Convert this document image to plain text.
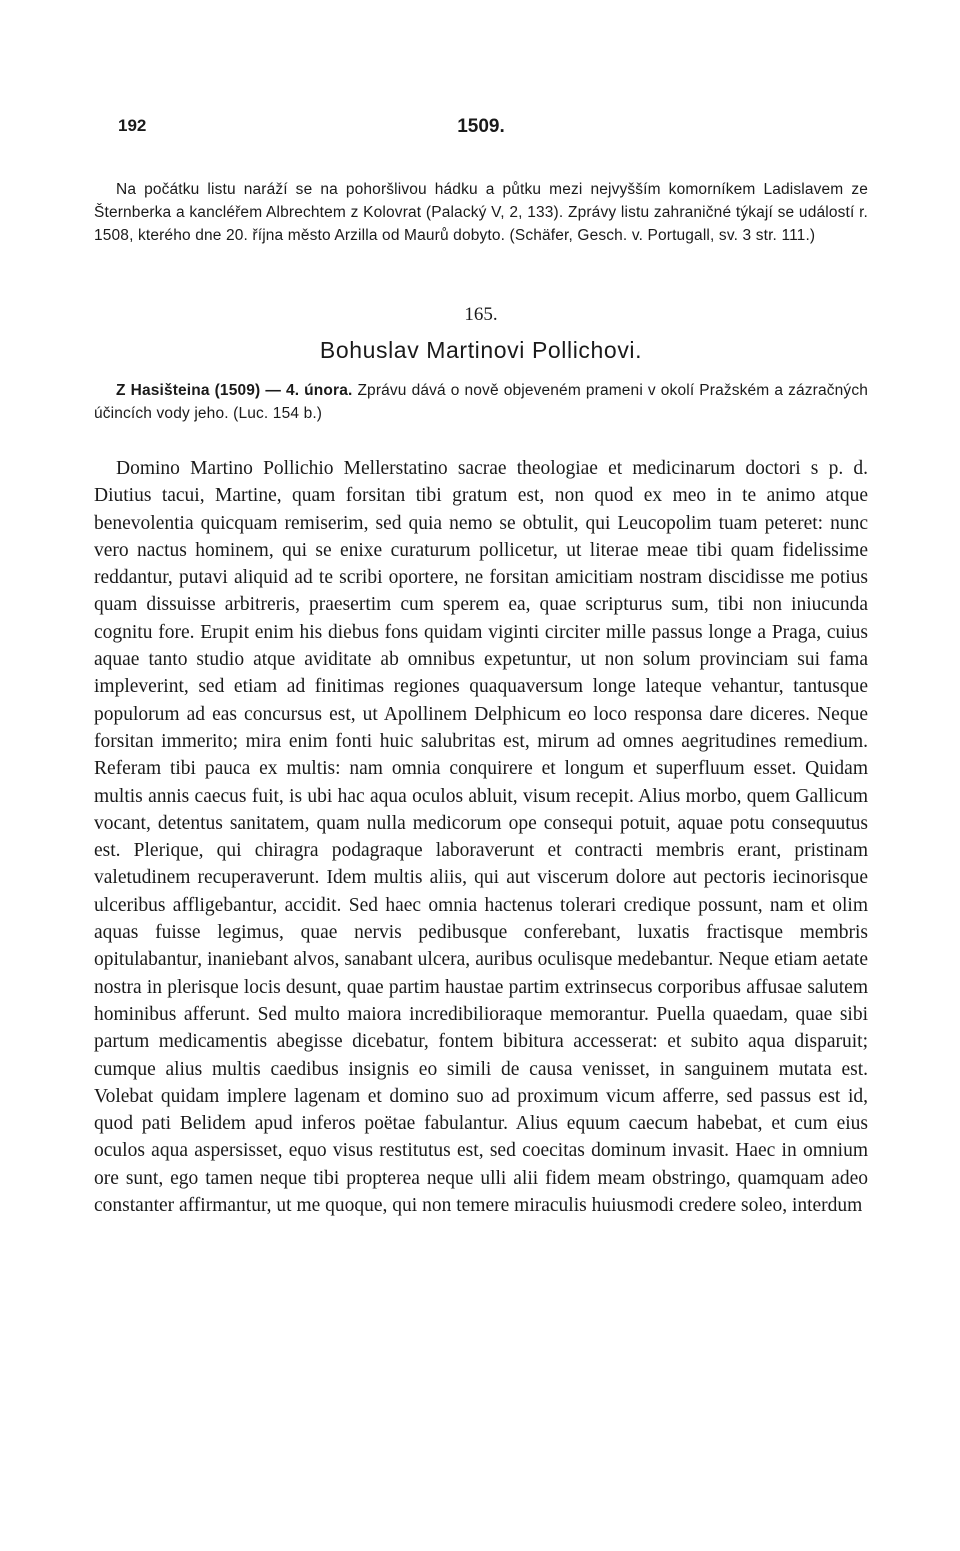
192	1509.

Na počátku listu naráží se na pohoršlivou hádku a půtku mezi nejvyšším komorníkem Ladislavem ze Šternberka a kancléřem Albrechtem z Kolovrat (Palacký V, 2, 133). Zprávy listu zahraničné týkají se událostí r. 1508, kterého dne 20. října město Arzilla od Maurů dobyto. (Schäfer, Gesch. v. Portugall, sv. 3 str. 111.)

165.
Bohuslav Martinovi Pollichovi.

Z Hasišteina (1509) — 4. února. Zprávu dává o nově objeveném prameni v okolí Pražském a zázračných účincích vody jeho. (Luc. 154 b.)

Domino Martino Pollichio Mellerstatino sacrae theologiae et medicinarum doctori s p. d. Diutius tacui, Martine, quam forsitan tibi gratum est, non quod ex meo in te animo atque benevolentia quicquam remiserim, sed quia nemo se obtulit, qui Leucopolim tuam peteret: nunc vero nactus hominem, qui se enixe curaturum pollicetur, ut literae meae tibi quam fidelissime reddantur, putavi aliquid ad te scribi oportere, ne forsitan amicitiam nostram discidisse me potius quam dissuisse arbitreris, praesertim cum sperem ea, quae scripturus sum, tibi non iniucunda cognitu fore. Erupit enim his diebus fons quidam viginti circiter mille passus longe a Praga, cuius aquae tanto studio atque aviditate ab omnibus expetuntur, ut non solum provinciam sui fama impleverint, sed etiam ad finitimas regiones quaquaversum longe lateque vehantur, tantusque populorum ad eas concursus est, ut Apollinem Delphicum eo loco responsa dare diceres. Neque forsitan immerito; mira enim fonti huic salubritas est, mirum ad omnes aegritudines remedium. Referam tibi pauca ex multis: nam omnia conquirere et longum et superfluum esset. Quidam multis annis caecus fuit, is ubi hac aqua oculos abluit, visum recepit. Alius morbo, quem Gallicum vocant, detentus sanitatem, quam nulla medicorum ope consequi potuit, aquae potu consequutus est. Plerique, qui chiragra podagraque laboraverunt et contracti membris erant, pristinam valetudinem recuperaverunt. Idem multis aliis, qui aut viscerum dolore aut pectoris iecinorisque ulceribus affligebantur, accidit. Sed haec omnia hactenus tolerari credique possunt, nam et olim aquas fuisse legimus, quae nervis pedibusque conferebant, luxatis fractisque membris opitulabantur, inaniebant alvos, sanabant ulcera, auribus oculisque medebantur. Neque etiam aetate nostra in plerisque locis desunt, quae partim haustae partim extrinsecus corporibus affusae salutem hominibus afferunt. Sed multo maiora incredibilioraque memorantur. Puella quaedam, quae sibi partum medicamentis abegisse dicebatur, fontem bibitura accesserat: et subito aqua disparuit; cumque alius multis caedibus insignis eo simili de causa venisset, in sanguinem mutata est. Volebat quidam implere lagenam et domino suo ad proximum vicum afferre, sed passus est id, quod pati Belidem apud inferos poëtae fabulantur. Alius equum caecum habebat, et cum eius oculos aqua aspersisset, equo visus restitutus est, sed coecitas dominum invasit. Haec in omnium ore sunt, ego tamen neque tibi propterea neque ulli alii fidem meam obstringo, quamquam adeo constanter affirmantur, ut me quoque, qui non temere miraculis huiusmodi credere soleo, interdum
